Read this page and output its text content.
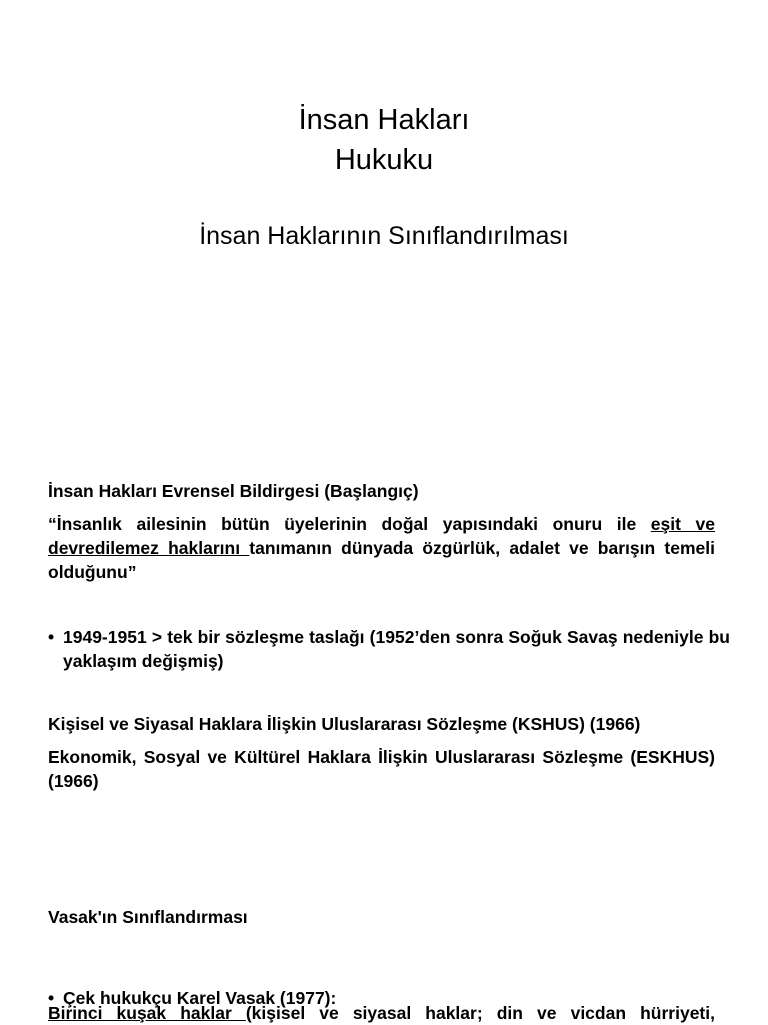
İnsan Hakları
Hukuku
İnsan Haklarının Sınıflandırılması

İnsan Hakları Evrensel Bildirgesi (Başlangıç)

“İnsanlık ailesinin bütün üyelerinin doğal yapısındaki onuru ile eşit ve devredilemez haklarını tanımanın dünyada özgürlük, adalet ve barışın temeli olduğunu”

• 1949-1951 > tek bir sözleşme taslağı (1952’den sonra Soğuk Savaş nedeniyle bu yaklaşım değişmiş)

Kişisel ve Siyasal Haklara İlişkin Uluslararası Sözleşme (KSHUS) (1966)

Ekonomik, Sosyal ve Kültürel Haklara İlişkin Uluslararası Sözleşme (ESKHUS) (1966)

Vasak'ın Sınıflandırması

• Çek hukukçu Karel Vasak (1977):

Birinci kuşak haklar (kişisel ve siyasal haklar; din ve vicdan hürriyeti,
